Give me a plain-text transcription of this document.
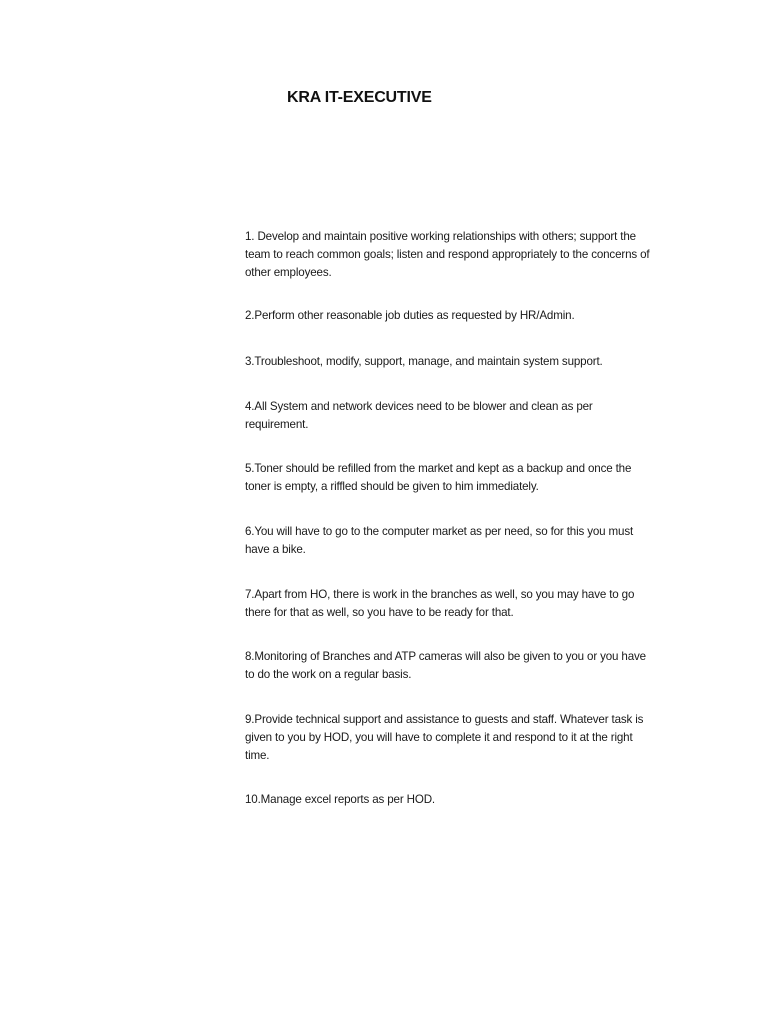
KRA IT-EXECUTIVE

1. Develop and maintain positive working relationships with others; support the team to reach common goals; listen and respond appropriately to the concerns of other employees.

2.Perform other reasonable job duties as requested by HR/Admin.

3.Troubleshoot, modify, support, manage, and maintain system support.

4.All System and network devices need to be blower and clean as per requirement.

5.Toner should be refilled from the market and kept as a backup and once the toner is empty, a riffled should be given to him immediately.

6.You will have to go to the computer market as per need, so for this you must have a bike.

7.Apart from HO, there is work in the branches as well, so you may have to go there for that as well, so you have to be ready for that.

8.Monitoring of Branches and ATP cameras will also be given to you or you have to do the work on a regular basis.

9.Provide technical support and assistance to guests and staff. Whatever task is given to you by HOD, you will have to complete it and respond to it at the right time.

10.Manage excel reports as per HOD.
